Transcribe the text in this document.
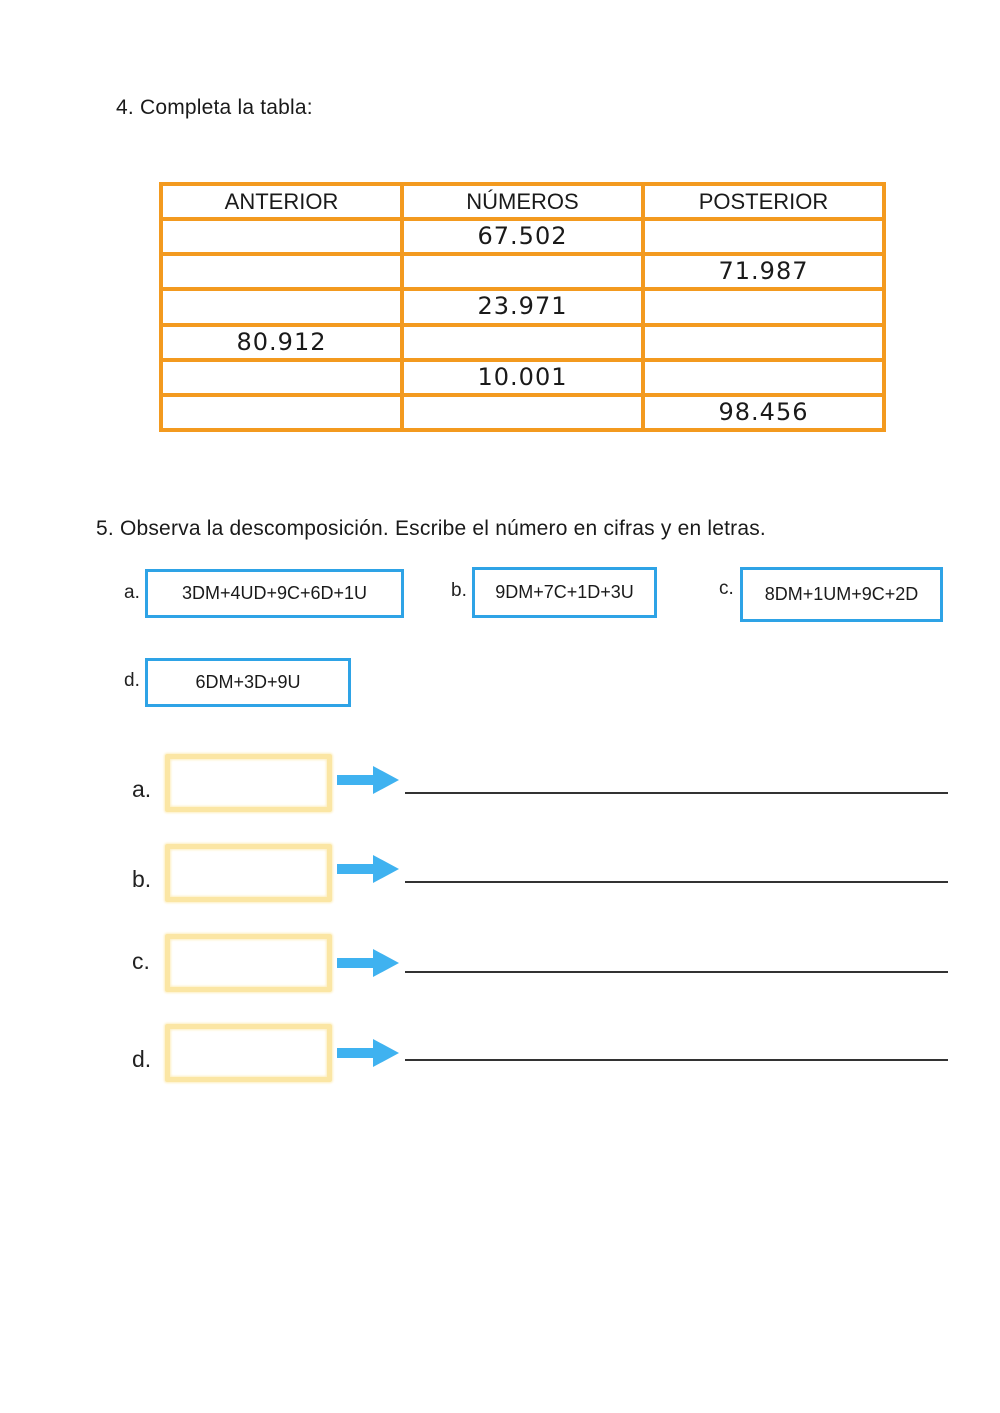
4. Completa la tabla:
ANTERIOR	NÚMEROS	POSTERIOR
	67.502	
		71.987
	23.971	
80.912		
	10.001	
		98.456
5. Observa la descomposición. Escribe el número en cifras y en letras.
a. 3DM+4UD+9C+6D+1U	b. 9DM+7C+1D+3U	c. 8DM+1UM+9C+2D
d.	6DM+3D+9U
a.
b.
c.
d.
